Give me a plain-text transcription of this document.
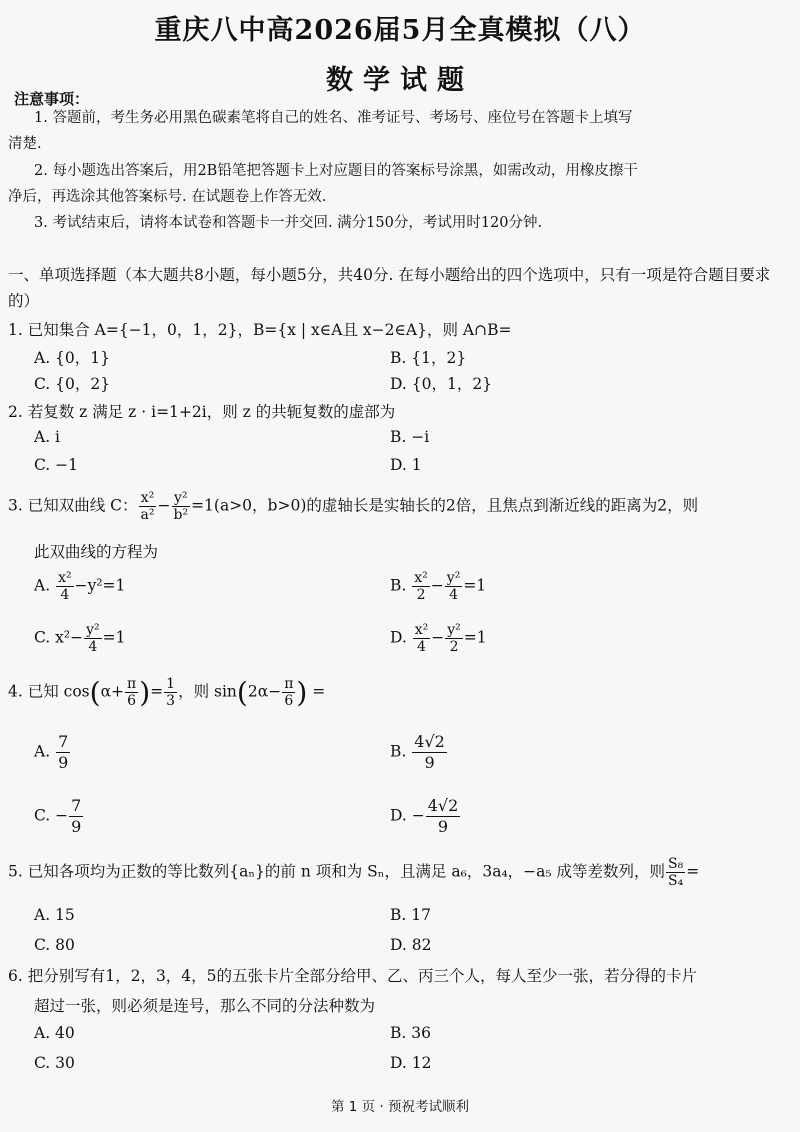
重庆八中高2026届5月全真模拟（八）
数学试题
注意事项：
1. 答题前，考生务必用黑色碳素笔将自己的姓名、准考证号、考场号、座位号在答题卡上填写
清楚.
2. 每小题选出答案后，用2B铅笔把答题卡上对应题目的答案标号涂黑，如需改动，用橡皮擦干
净后，再选涂其他答案标号. 在试题卷上作答无效.
3. 考试结束后，请将本试卷和答题卡一并交回. 满分150分，考试用时120分钟.
一、单项选择题（本大题共8小题，每小题5分，共40分. 在每小题给出的四个选项中，只有一项是符合题目要求的）
1. 已知集合 A={−1，0，1，2}，B={x | x∈A且 x−2∈A}，则 A∩B=
A. {0，1}	B. {1，2}
C. {0，2}	D. {0，1，2}
2. 若复数 z 满足 z · i=1+2i，则 z 的共轭复数的虚部为
A. i	B. −i
C. −1	D. 1
3. 已知双曲线 C： $\frac{\text{x²}}{\text{a²}} - \frac{\text{y²}}{\text{b²}} =1(a>0$，b>0)的虚轴长是实轴长的2倍，且焦点到渐近线的距离为2，则
此双曲线的方程为
A. $\frac{\text{x²}}{4} -y^2=1$	B. $\frac{\text{x²}}{2} - \frac{\text{y²}}{4} =1$
C. $x^2- \frac{\text{y²}}{4} =1$	D. $\frac{\text{x²}}{4} - \frac{\text{y²}}{2} =1$
4. 已知 $\cos(\alpha+ \frac{\pi}{6}$ )= $\frac{1}{3}$ ，则 $\sin(2\alpha- \frac{\pi}{6}$ ) =
A. $\frac{7}{9}$	B. $\frac{4√2}{9}$
C. − $\frac{7}{9}$	D. − $\frac{4√2}{9}$
5. 已知各项均为正数的等比数列{aₙ}的前 n 项和为 Sₙ，且满足 a₆，3a₄，−a₅ 成等差数列，则 $\frac{\text{S₈}}{\text{S₄}}$ =
A. 15	B. 17
C. 80	D. 82
6. 把分别写有1，2，3，4，5的五张卡片全部分给甲、乙、丙三个人，每人至少一张，若分得的卡片
超过一张，则必须是连号，那么不同的分法种数为
A. 40	B. 36
C. 30	D. 12
第 1 页 · 预祝考试顺利
